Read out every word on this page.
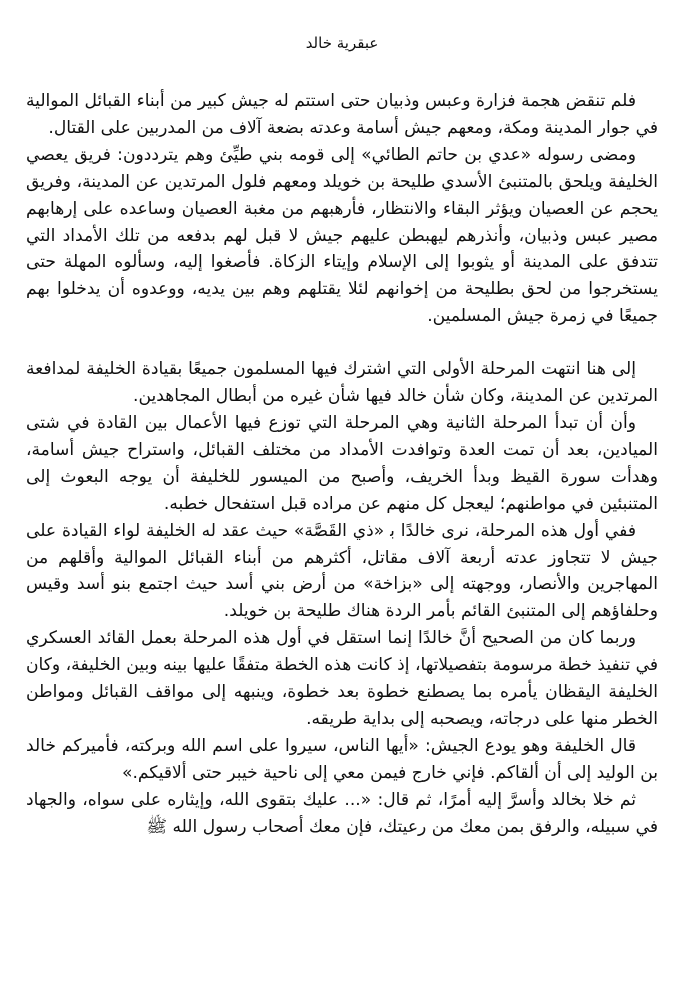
عبقرية خالد

فلم تنقض هجمة فزارة وعبس وذبيان حتى استتم له جيش كبير من أبناء القبائل الموالية في جوار المدينة ومكة، ومعهم جيش أسامة وعدته بضعة آلاف من المدربين على القتال.

ومضى رسوله «عدي بن حاتم الطائي» إلى قومه بني طيِّئ وهم يترددون: فريق يعصي الخليفة ويلحق بالمتنبئ الأسدي طليحة بن خويلد ومعهم فلول المرتدين عن المدينة، وفريق يحجم عن العصيان ويؤثر البقاء والانتظار، فأرهبهم من مغبة العصيان وساعده على إرهابهم مصير عبس وذبيان، وأنذرهم ليهبطن عليهم جيش لا قبل لهم بدفعه من تلك الأمداد التي تتدفق على المدينة أو يثوبوا إلى الإسلام وإيتاء الزكاة. فأصغوا إليه، وسألوه المهلة حتى يستخرجوا من لحق بطليحة من إخوانهم لئلا يقتلهم وهم بين يديه، ووعدوه أن يدخلوا بهم جميعًا في زمرة جيش المسلمين.

إلى هنا انتهت المرحلة الأولى التي اشترك فيها المسلمون جميعًا بقيادة الخليفة لمدافعة المرتدين عن المدينة، وكان شأن خالد فيها شأن غيره من أبطال المجاهدين.

وأن أن تبدأ المرحلة الثانية وهي المرحلة التي توزع فيها الأعمال بين القادة في شتى الميادين، بعد أن تمت العدة وتوافدت الأمداد من مختلف القبائل، واستراح جيش أسامة، وهدأت سورة القيظ وبدأ الخريف، وأصبح من الميسور للخليفة أن يوجه البعوث إلى المتنبئين في مواطنهم؛ ليعجل كل منهم عن مراده قبل استفحال خطبه.

ففي أول هذه المرحلة، نرى خالدًا ﺑ «ذي القَصَّة» حيث عقد له الخليفة لواء القيادة على جيش لا تتجاوز عدته أربعة آلاف مقاتل، أكثرهم من أبناء القبائل الموالية وأقلهم من المهاجرين والأنصار، ووجهته إلى «بزاخة» من أرض بني أسد حيث اجتمع بنو أسد وقيس وحلفاؤهم إلى المتنبئ القائم بأمر الردة هناك طليحة بن خويلد.

وربما كان من الصحيح أنَّ خالدًا إنما استقل في أول هذه المرحلة بعمل القائد العسكري في تنفيذ خطة مرسومة بتفصيلاتها، إذ كانت هذه الخطة متفقًا عليها بينه وبين الخليفة، وكان الخليفة اليقظان يأمره بما يصطنع خطوة بعد خطوة، وينبهه إلى مواقف القبائل ومواطن الخطر منها على درجاته، ويصحبه إلى بداية طريقه.

قال الخليفة وهو يودع الجيش: «أيها الناس، سيروا على اسم الله وبركته، فأميركم خالد بن الوليد إلى أن ألقاكم. فإني خارج فيمن معي إلى ناحية خيبر حتى ألاقيكم.»

ثم خلا بخالد وأسرَّ إليه أمرًا، ثم قال: «... عليك بتقوى الله، وإيثاره على سواه، والجهاد في سبيله، والرفق بمن معك من رعيتك، فإن معك أصحاب رسول الله ﷺ
